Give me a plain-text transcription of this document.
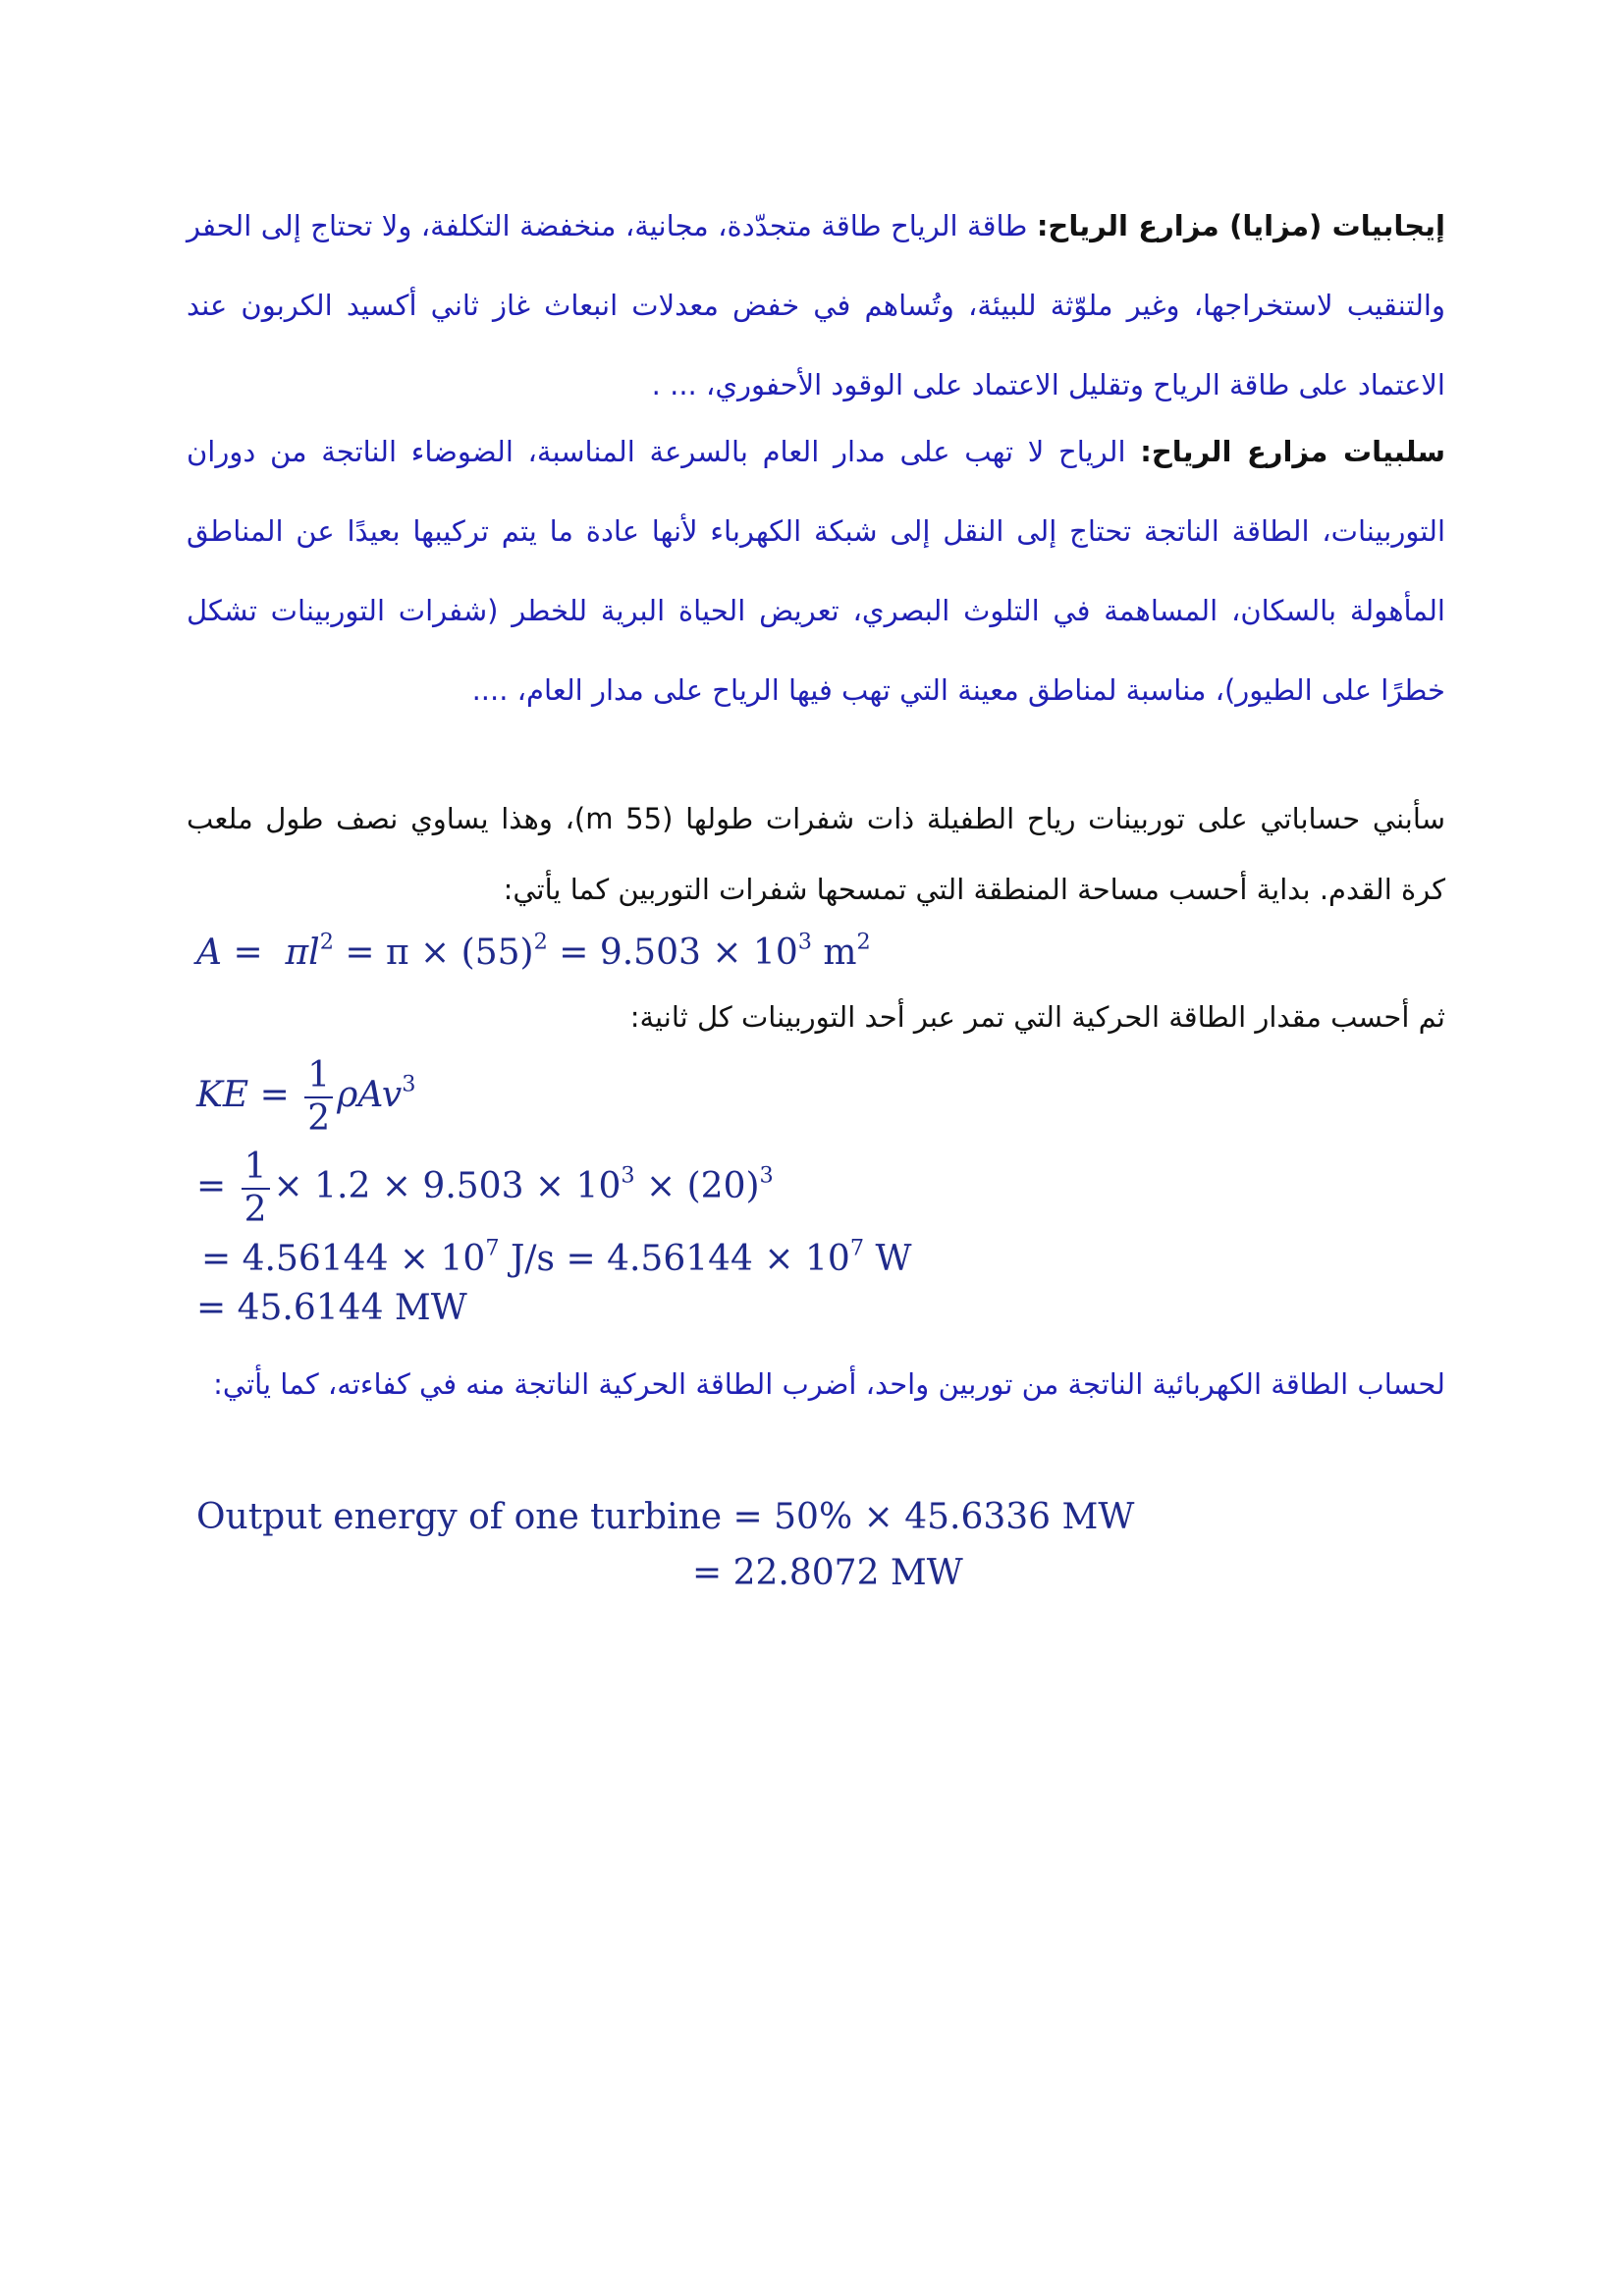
إيجابيات (مزايا) مزارع الرياح: طاقة الرياح طاقة متجدّدة، مجانية، منخفضة التكلفة، ولا تحتاج إلى الحفر والتنقيب لاستخراجها، وغير ملوّثة للبيئة، وتُساهم في خفض معدلات انبعاث غاز ثاني أكسيد الكربون عند الاعتماد على طاقة الرياح وتقليل الاعتماد على الوقود الأحفوري، ... .

سلبيات مزارع الرياح: الرياح لا تهب على مدار العام بالسرعة المناسبة، الضوضاء الناتجة من دوران التوربينات، الطاقة الناتجة تحتاج إلى النقل إلى شبكة الكهرباء لأنها عادة ما يتم تركيبها بعيدًا عن المناطق المأهولة بالسكان، المساهمة في التلوث البصري، تعريض الحياة البرية للخطر (شفرات التوربينات تشكل خطرًا على الطيور)، مناسبة لمناطق معينة التي تهب فيها الرياح على مدار العام، ....

سأبني حساباتي على توربينات رياح الطفيلة ذات شفرات طولها (55 m)، وهذا يساوي نصف طول ملعب كرة القدم. بداية أحسب مساحة المنطقة التي تمسحها شفرات التوربين كما يأتي:

$A = \pi l^2 = \pi \times (55)^2 = 9.503 \times 10^3$ $m^2$

ثم أحسب مقدار الطاقة الحركية التي تمر عبر أحد التوربينات كل ثانية:

KE = $\frac{1}{2} \rho Av^3$
= $\frac{1}{2} \times 1.2 \times 9.503 \times 10^3 \times (20)^3$
= $4.56144 \times 10^7$ $J/s = 4.56144 \times 10^7$ W
= 45.6144 MW

لحساب الطاقة الكهربائية الناتجة من توربين واحد، أضرب الطاقة الحركية الناتجة منه في كفاءته، كما يأتي:

Output energy of one turbine = 50% × 45.6336 MW
= 22.8072 MW
